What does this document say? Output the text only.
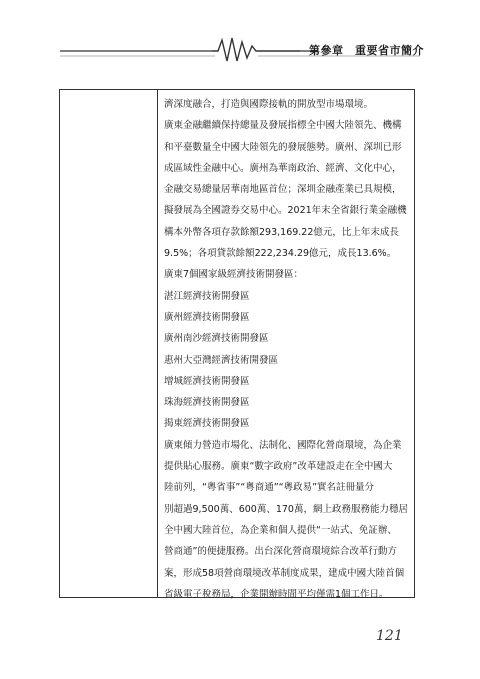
第參章　重要省市簡介
濟深度融合，打造與國際接軌的開放型市場環境。
廣東金融繼續保持總量及發展指標全中國大陸領先、機構
和平臺數量全中國大陸領先的發展態勢。廣州、深圳已形
成區域性金融中心。廣州為華南政治、經濟、文化中心，
金融交易總量居華南地區首位；深圳金融產業已具規模，
擬發展為全國證券交易中心。2021年末全省銀行業金融機
構本外幣各項存款餘額293,169.22億元，比上年末成長
9.5%；各項貸款餘額222,234.29億元，成長13.6%。
廣東7個國家級經濟技術開發區：
湛江經濟技術開發區
廣州經濟技術開發區
廣州南沙經濟技術開發區
惠州大亞灣經濟技術開發區
增城經濟技術開發區
珠海經濟技術開發區
揭東經濟技術開發區
廣東傾力營造市場化、法制化、國際化營商環境，為企業
提供貼心服務。廣東“數字政府”改革建設走在全中國大
陸前列，“粵省事”“粵商通”“粵政易”實名註冊量分
別超過9,500萬、600萬、170萬，網上政務服務能力穩居
全中國大陸首位，為企業和個人提供“一站式、免証辦、
營商通”的便捷服務。出台深化營商環境綜合改革行動方
案，形成58項營商環境改革制度成果，建成中國大陸首個
省級電子稅務局，企業開辦時間平均僅需1個工作日。
121
